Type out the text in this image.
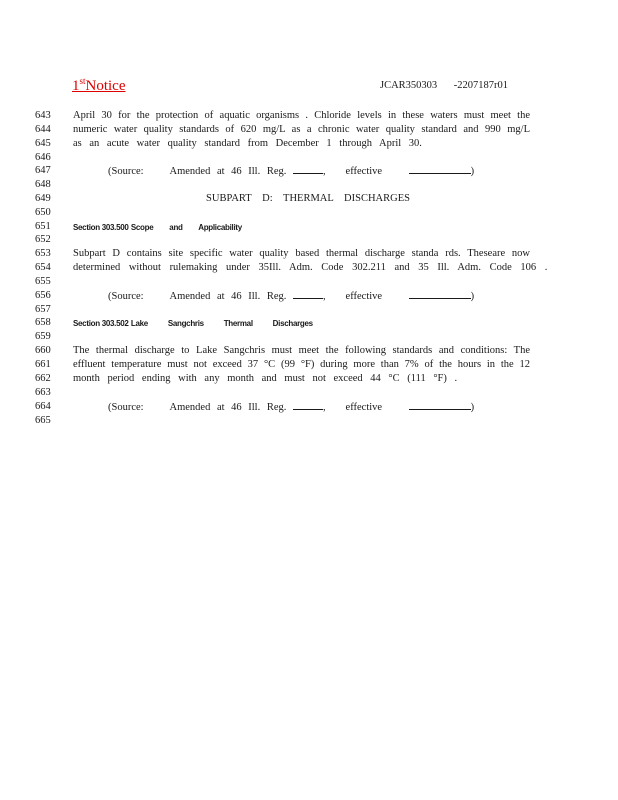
1stNotice	JCAR350303 -2207187r01
643
644
645
646
647
648
649
650
651
652
653
654
655
656
657
658
659
660
661
662
663
664
665
April 30 for the protection of aquatic organisms . Chloride levels in these waters must meet the
numeric water quality standards of 620 mg/L as a chronic water quality standard and 990 mg/L
as an acute water quality standard from December 1 through April 30.
(Source: Amended at 46 Ill. Reg.	, effective	)
SUBPART D: THERMAL DISCHARGES
Section 303.500 Scope and Applicability
Subpart D contains site specific water quality based thermal discharge standa rds. Theseare now
determined without rulemaking under 35Ill. Adm. Code 302.211 and 35 Ill. Adm. Code 106 .
(Source: Amended at 46 Ill. Reg.	, effective	)
Section 303.502 Lake Sangchris Thermal Discharges
The thermal discharge to Lake Sangchris must meet the following standards and conditions: The
effluent temperature must not exceed 37 °C (99 °F) during more than 7% of the hours in the 12
month period ending with any month and must not exceed 44 °C (111 °F) .
(Source: Amended at 46 Ill. Reg.	, effective	)
